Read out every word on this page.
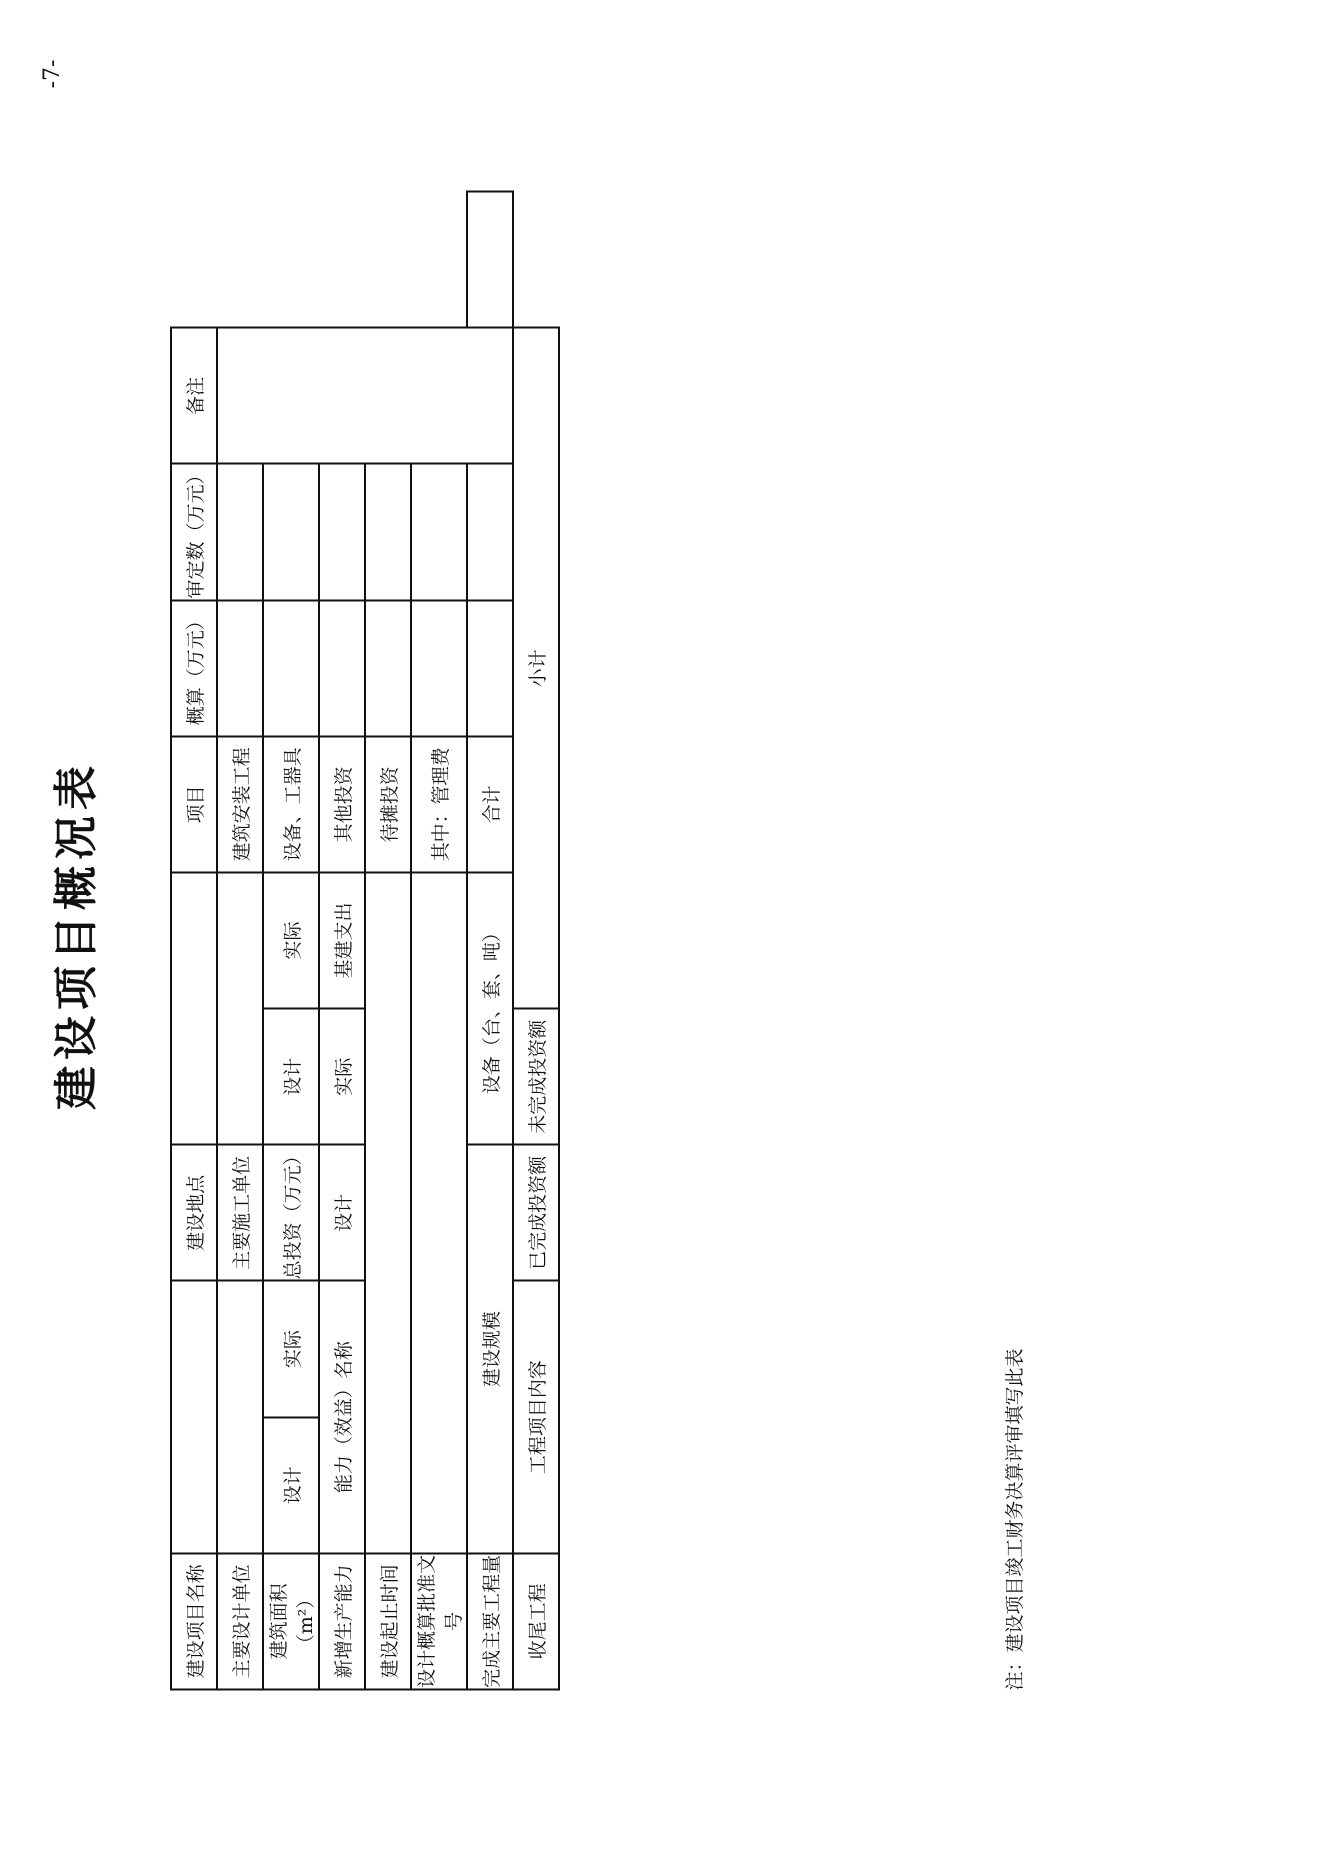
建设项目概况表
-7-
建设项目名称			建设地点			项目	概算（万元）	审定数（万元）	备注	
主要设计单位			主要施工单位			建筑安装工程				
建筑面积 （m²）	设计	实际	总投资（万元）	设计	实际	设备、工器具				
新增生产能力	能力（效益）名称		设计	实际	基建支出	其他投资				
建设起止时间						待摊投资				
设计概算批准文号						其中：管理费				
完成主要工程量	建设规模			设备（台、套、吨）		合计				
收尾工程	工程项目内容		已完成投资额	未完成投资额	小计					
注：建设项目竣工财务决算评审填写此表
